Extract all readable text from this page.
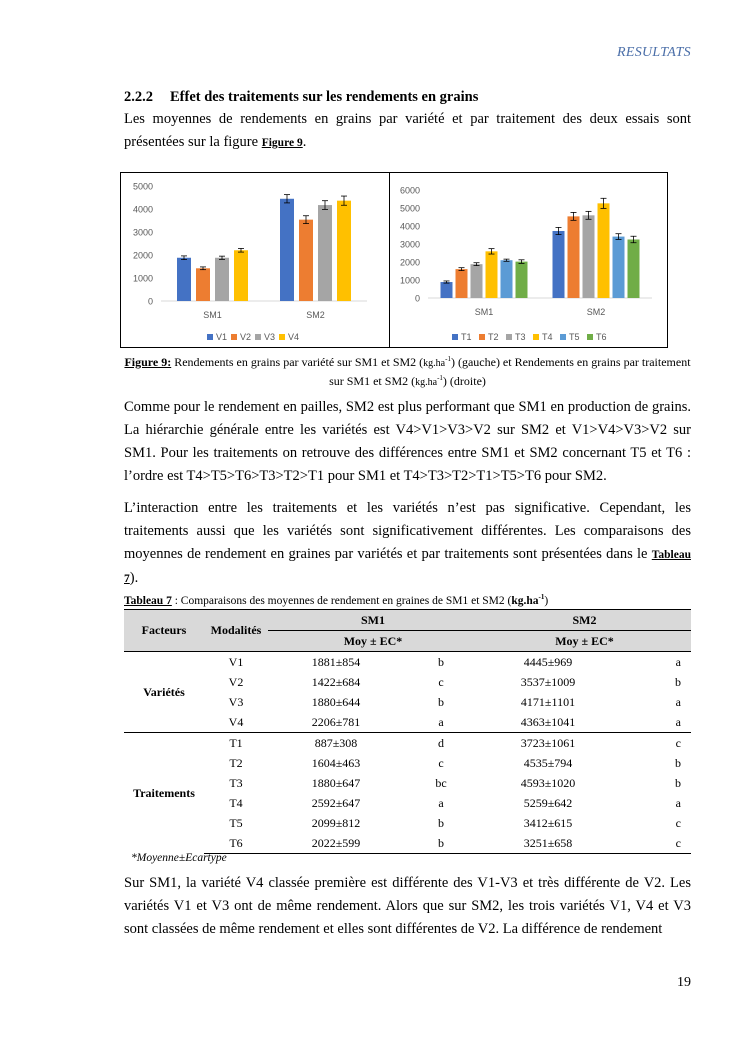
RESULTATS
2.2.2 Effet des traitements sur les rendements en grains
Les moyennes de rendements en grains par variété et par traitement des deux essais sont présentées sur la figure Figure 9.
0
1000
2000
3000
4000
5000
SM1	SM2
V1 V2 V3 V4
0
1000
2000
3000
4000
5000
6000
SM1	SM2
T1 T2 T3 T4 T5 T6
Figure 9: Rendements en grains par variété sur SM1 et SM2 $(kg.ha^{-1})$ (gauche) et Rendements en grains par traitement sur SM1 et SM2 $(kg.ha^{-1})$ (droite)
Comme pour le rendement en pailles, SM2 est plus performant que SM1 en production de grains. La hiérarchie générale entre les variétés est V4>V1>V3>V2 sur SM2 et V1>V4>V3>V2 sur SM1. Pour les traitements on retrouve des différences entre SM1 et SM2 concernant T5 et T6 : l’ordre est T4>T5>T6>T3>T2>T1 pour SM1 et T4>T3>T2>T1>T5>T6 pour SM2.
L’interaction entre les traitements et les variétés n’est pas significative. Cependant, les traitements aussi que les variétés sont significativement différentes. Les comparaisons des moyennes de rendement en graines par variétés et par traitements sont présentées dans le Tableau 7).
Tableau 7 : Comparaisons des moyennes de rendement en graines de SM1 et SM2 $(kg.ha^{-1})$
Facteurs	Modalités	SM1		SM2	
		Moy ± EC*		Moy ± EC*	
Variétés	V1	1881±854	b	4445±969	a
	V2	1422±684	c	3537±1009	b
	V3	1880±644	b	4171±1101	a
	V4	2206±781	a	4363±1041	a
Traitements	T1	887±308	d	3723±1061	c
	T2	1604±463	c	4535±794	b
	T3	1880±647	bc	4593±1020	b
	T4	2592±647	a	5259±642	a
	T5	2099±812	b	3412±615	c
	T6	2022±599	b	3251±658	c
*Moyenne±Ecartype
Sur SM1, la variété V4 classée première est différente des V1-V3 et très différente de V2. Les variétés V1 et V3 ont de même rendement. Alors que sur SM2, les trois variétés V1, V4 et V3 sont classées de même rendement et elles sont différentes de V2. La différence de rendement
19
